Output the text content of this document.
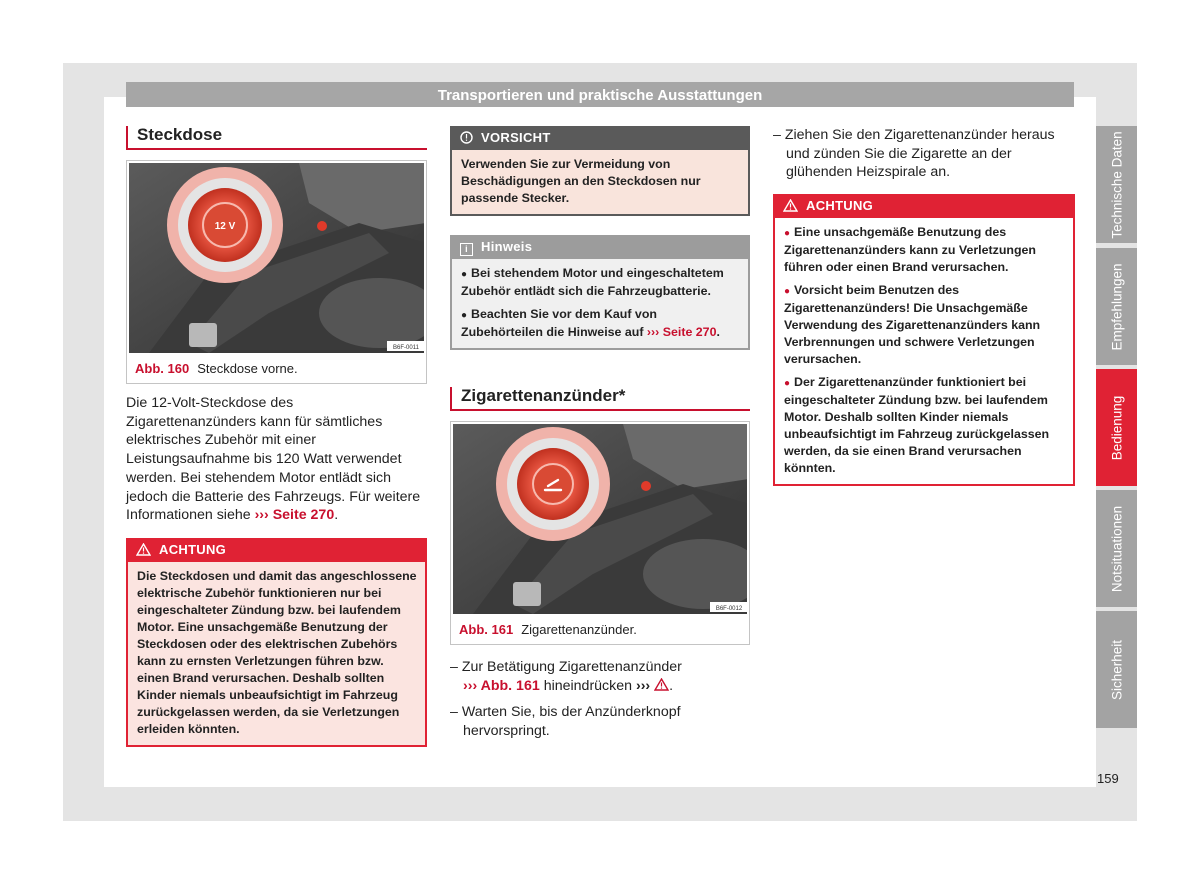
Transportieren und praktische Ausstattungen
Steckdose
12 V
B6F-0011
Abb. 160 Steckdose vorne.

Die 12-Volt-Steckdose des Zigarettenanzünders kann für sämtliches elektrisches Zubehör mit einer Leistungsaufnahme bis 120 Watt verwendet werden. Bei stehendem Motor entlädt sich jedoch die Batterie des Fahrzeugs. Für weitere Informationen siehe ››› Seite 270.

ACHTUNG
Die Steckdosen und damit das angeschlossene elektrische Zubehör funktionieren nur bei eingeschalteter Zündung bzw. bei laufendem Motor. Eine unsachgemäße Benutzung der Steckdosen oder des elektrischen Zubehörs kann zu ernsten Verletzungen führen bzw. einen Brand verursachen. Deshalb sollten Kinder niemals unbeaufsichtigt im Fahrzeug zurückgelassen werden, da sie Verletzungen erleiden könnten.
VORSICHT
Verwenden Sie zur Vermeidung von Beschädigungen an den Steckdosen nur passende Stecker.
i Hinweis
● Bei stehendem Motor und eingeschaltetem Zubehör entlädt sich die Fahrzeugbatterie.
● Beachten Sie vor dem Kauf von Zubehörteilen die Hinweise auf ››› Seite 270.
Zigarettenanzünder*
B6F-0012
Abb. 161 Zigarettenanzünder.
– Zur Betätigung Zigarettenanzünder
››› Abb. 161 hineindrücken ››› .
– Warten Sie, bis der Anzünderknopf hervorspringt.
– Ziehen Sie den Zigarettenanzünder heraus und zünden Sie die Zigarette an der glühenden Heizspirale an.
ACHTUNG
● Eine unsachgemäße Benutzung des Zigarettenanzünders kann zu Verletzungen führen oder einen Brand verursachen.
● Vorsicht beim Benutzen des Zigarettenanzünders! Die Unsachgemäße Verwendung des Zigarettenanzünders kann Verbrennungen und schwere Verletzungen verursachen.
● Der Zigarettenanzünder funktioniert bei eingeschalteter Zündung bzw. bei laufendem Motor. Deshalb sollten Kinder niemals unbeaufsichtigt im Fahrzeug zurückgelassen werden, da sie einen Brand verursachen könnten.
Technische Daten
Empfehlungen
Bedienung
Notsituationen
Sicherheit
159
